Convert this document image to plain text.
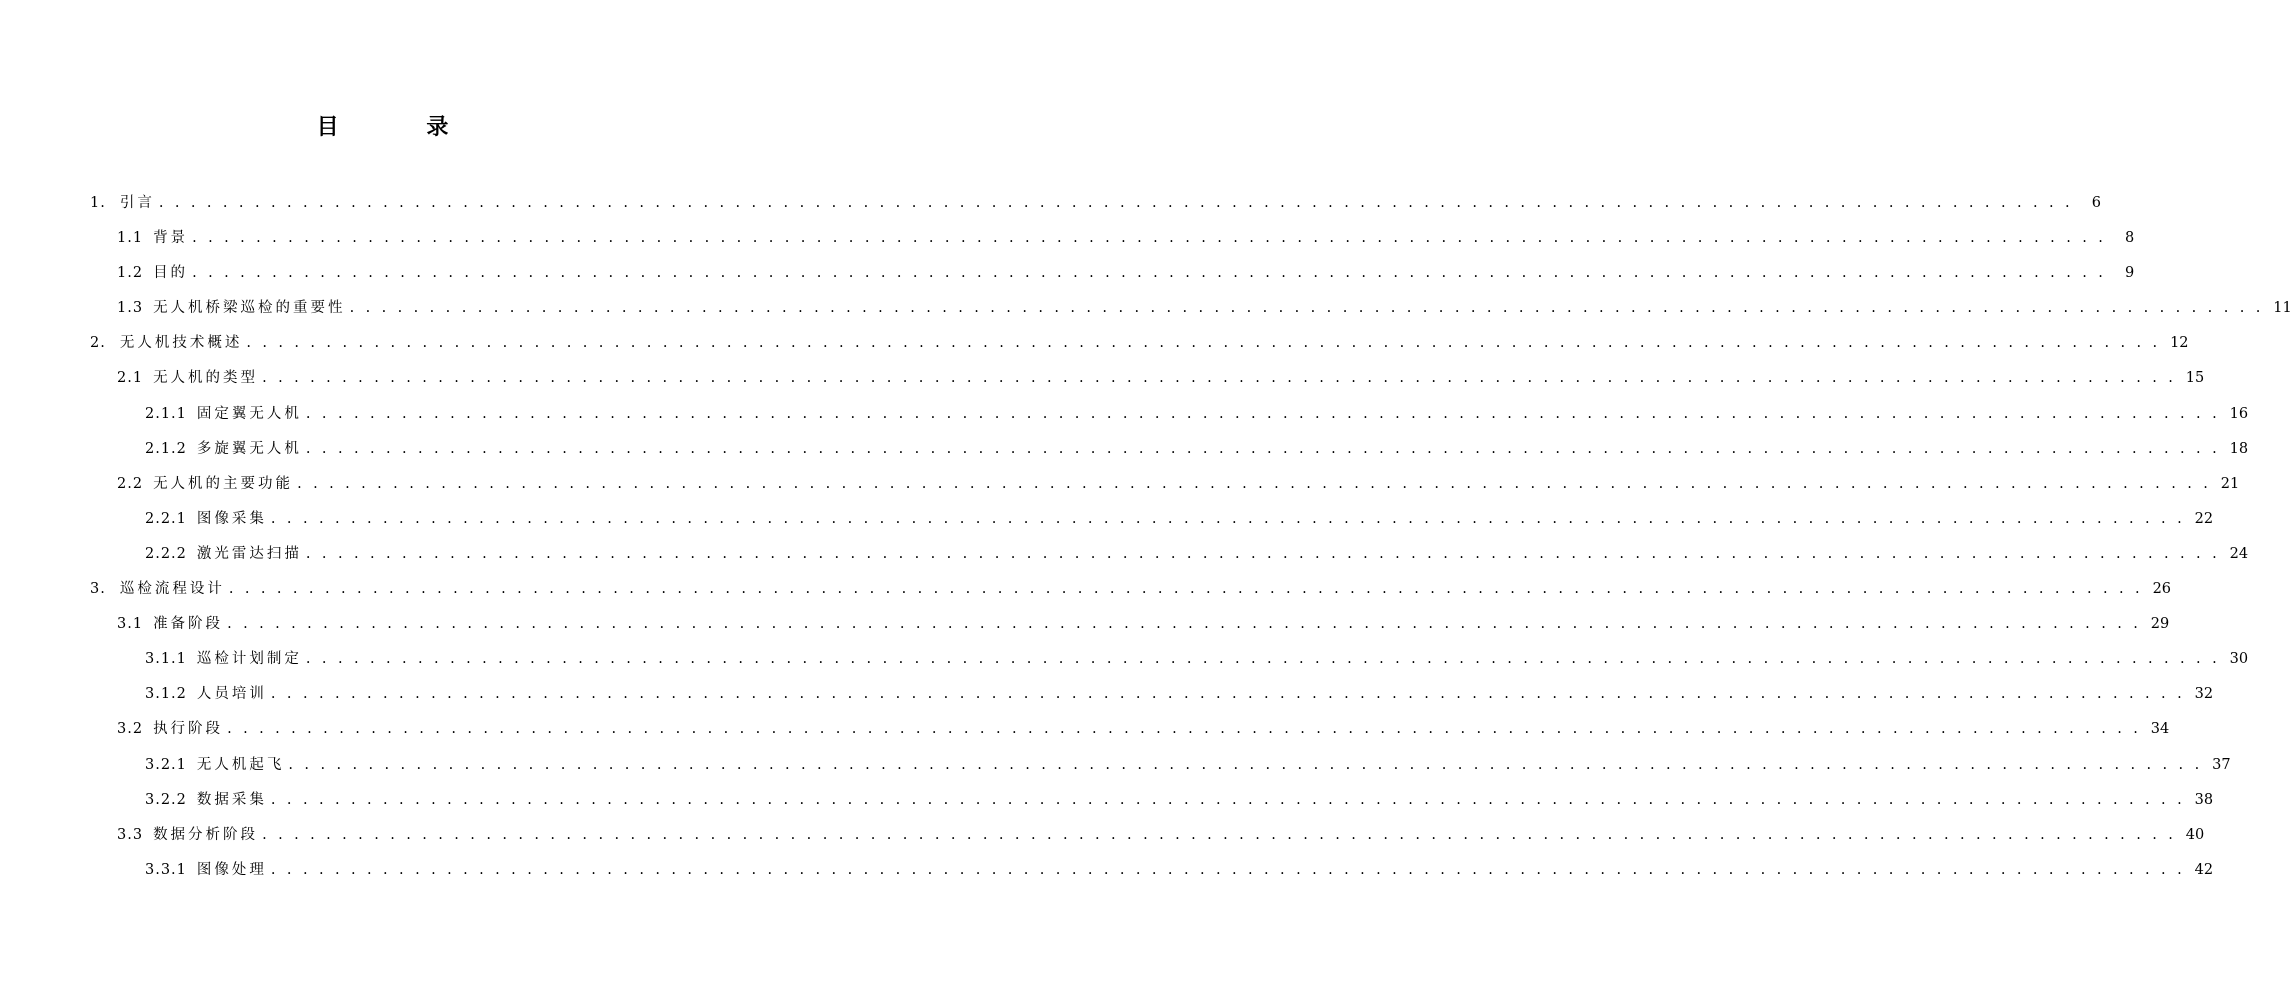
目 录
1. 引言 . . . . . . . . . . . . . . . . . . . . . . . . . . . . . . . . . . . . . . . . . . . . . . . . . . . . . . . . . . . . . . . . . . . . . . . . . . . . . . . . . . . . . . . . . . . . . . . . . . . . . . . . . . . . . . . . . . . . . . . .	6
1.1 背景 . . . . . . . . . . . . . . . . . . . . . . . . . . . . . . . . . . . . . . . . . . . . . . . . . . . . . . . . . . . . . . . . . . . . . . . . . . . . . . . . . . . . . . . . . . . . . . . . . . . . . . . . . . . . . . . . . . . . . . . .	8
1.2 目的 . . . . . . . . . . . . . . . . . . . . . . . . . . . . . . . . . . . . . . . . . . . . . . . . . . . . . . . . . . . . . . . . . . . . . . . . . . . . . . . . . . . . . . . . . . . . . . . . . . . . . . . . . . . . . . . . . . . . . . . .	9
1.3 无人机桥梁巡检的重要性 . . . . . . . . . . . . . . . . . . . . . . . . . . . . . . . . . . . . . . . . . . . . . . . . . . . . . . . . . . . . . . . . . . . . . . . . . . . . . . . . . . . . . . . . . . . . . . . . . . . . . . . . . . . . . . . . . . . . . . . . 11
2. 无人机技术概述 . . . . . . . . . . . . . . . . . . . . . . . . . . . . . . . . . . . . . . . . . . . . . . . . . . . . . . . . . . . . . . . . . . . . . . . . . . . . . . . . . . . . . . . . . . . . . . . . . . . . . . . . . . . . . . . . . . . . . . . . 12
2.1 无人机的类型 . . . . . . . . . . . . . . . . . . . . . . . . . . . . . . . . . . . . . . . . . . . . . . . . . . . . . . . . . . . . . . . . . . . . . . . . . . . . . . . . . . . . . . . . . . . . . . . . . . . . . . . . . . . . . . . . . . . . . . . . 15
2.1.1 固定翼无人机 . . . . . . . . . . . . . . . . . . . . . . . . . . . . . . . . . . . . . . . . . . . . . . . . . . . . . . . . . . . . . . . . . . . . . . . . . . . . . . . . . . . . . . . . . . . . . . . . . . . . . . . . . . . . . . . . . . . . . . . . 16
2.1.2 多旋翼无人机 . . . . . . . . . . . . . . . . . . . . . . . . . . . . . . . . . . . . . . . . . . . . . . . . . . . . . . . . . . . . . . . . . . . . . . . . . . . . . . . . . . . . . . . . . . . . . . . . . . . . . . . . . . . . . . . . . . . . . . . . 18
2.2 无人机的主要功能 . . . . . . . . . . . . . . . . . . . . . . . . . . . . . . . . . . . . . . . . . . . . . . . . . . . . . . . . . . . . . . . . . . . . . . . . . . . . . . . . . . . . . . . . . . . . . . . . . . . . . . . . . . . . . . . . . . . . . . . . 21
2.2.1 图像采集 . . . . . . . . . . . . . . . . . . . . . . . . . . . . . . . . . . . . . . . . . . . . . . . . . . . . . . . . . . . . . . . . . . . . . . . . . . . . . . . . . . . . . . . . . . . . . . . . . . . . . . . . . . . . . . . . . . . . . . . . 22
2.2.2 激光雷达扫描 . . . . . . . . . . . . . . . . . . . . . . . . . . . . . . . . . . . . . . . . . . . . . . . . . . . . . . . . . . . . . . . . . . . . . . . . . . . . . . . . . . . . . . . . . . . . . . . . . . . . . . . . . . . . . . . . . . . . . . . . 24
3. 巡检流程设计 . . . . . . . . . . . . . . . . . . . . . . . . . . . . . . . . . . . . . . . . . . . . . . . . . . . . . . . . . . . . . . . . . . . . . . . . . . . . . . . . . . . . . . . . . . . . . . . . . . . . . . . . . . . . . . . . . . . . . . . . 26
3.1 准备阶段 . . . . . . . . . . . . . . . . . . . . . . . . . . . . . . . . . . . . . . . . . . . . . . . . . . . . . . . . . . . . . . . . . . . . . . . . . . . . . . . . . . . . . . . . . . . . . . . . . . . . . . . . . . . . . . . . . . . . . . . . 29
3.1.1 巡检计划制定 . . . . . . . . . . . . . . . . . . . . . . . . . . . . . . . . . . . . . . . . . . . . . . . . . . . . . . . . . . . . . . . . . . . . . . . . . . . . . . . . . . . . . . . . . . . . . . . . . . . . . . . . . . . . . . . . . . . . . . . . 30
3.1.2 人员培训 . . . . . . . . . . . . . . . . . . . . . . . . . . . . . . . . . . . . . . . . . . . . . . . . . . . . . . . . . . . . . . . . . . . . . . . . . . . . . . . . . . . . . . . . . . . . . . . . . . . . . . . . . . . . . . . . . . . . . . . . 32
3.2 执行阶段 . . . . . . . . . . . . . . . . . . . . . . . . . . . . . . . . . . . . . . . . . . . . . . . . . . . . . . . . . . . . . . . . . . . . . . . . . . . . . . . . . . . . . . . . . . . . . . . . . . . . . . . . . . . . . . . . . . . . . . . . 34
3.2.1 无人机起飞 . . . . . . . . . . . . . . . . . . . . . . . . . . . . . . . . . . . . . . . . . . . . . . . . . . . . . . . . . . . . . . . . . . . . . . . . . . . . . . . . . . . . . . . . . . . . . . . . . . . . . . . . . . . . . . . . . . . . . . . . 37
3.2.2 数据采集 . . . . . . . . . . . . . . . . . . . . . . . . . . . . . . . . . . . . . . . . . . . . . . . . . . . . . . . . . . . . . . . . . . . . . . . . . . . . . . . . . . . . . . . . . . . . . . . . . . . . . . . . . . . . . . . . . . . . . . . . 38
3.3 数据分析阶段 . . . . . . . . . . . . . . . . . . . . . . . . . . . . . . . . . . . . . . . . . . . . . . . . . . . . . . . . . . . . . . . . . . . . . . . . . . . . . . . . . . . . . . . . . . . . . . . . . . . . . . . . . . . . . . . . . . . . . . . . 40
3.3.1 图像处理 . . . . . . . . . . . . . . . . . . . . . . . . . . . . . . . . . . . . . . . . . . . . . . . . . . . . . . . . . . . . . . . . . . . . . . . . . . . . . . . . . . . . . . . . . . . . . . . . . . . . . . . . . . . . . . . . . . . . . . . . 42
